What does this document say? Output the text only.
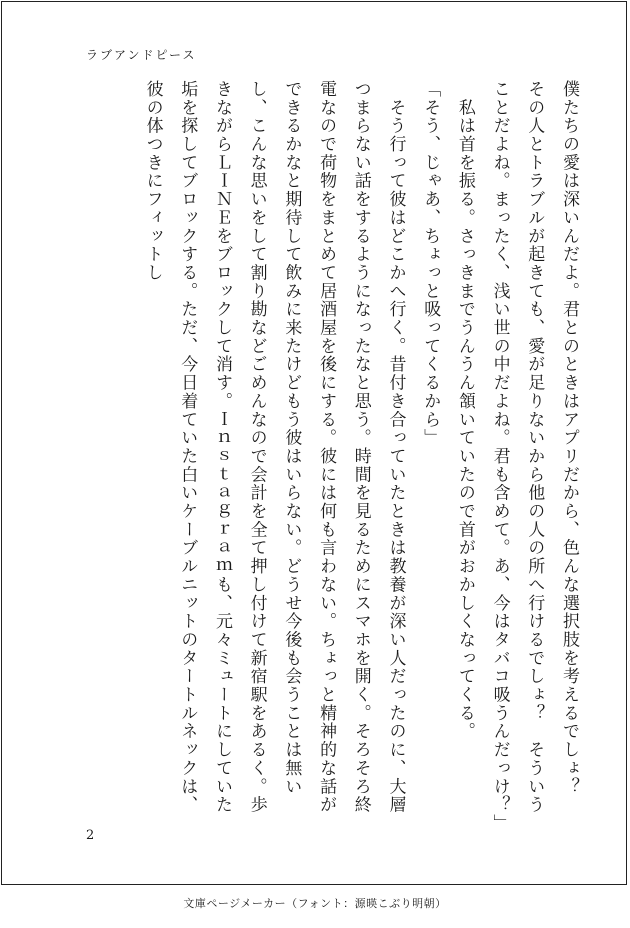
ラブアンドピース

僕たちの愛は深いんだよ。君とのときはアプリだから、色んな選択肢を考えるでしょ？　その人とトラブルが起きても、愛が足りないから他の人の所へ行けるでしょ？　そういうことだよね。まったく、浅い世の中だよね。君も含めて。あ、今はタバコ吸うんだっけ？」

　私は首を振る。さっきまでうんうん頷いていたので首がおかしくなってくる。

「そう、じゃあ、ちょっと吸ってくるから」

　そう行って彼はどこかへ行く。昔付き合っていたときは教養が深い人だったのに、大層つまらない話をするようになったなと思う。時間を見るためにスマホを開く。そろそろ終電なので荷物をまとめて居酒屋を後にする。彼には何も言わない。ちょっと精神的な話ができるかなと期待して飲みに来たけどもう彼はいらない。どうせ今後も会うことは無いし、こんな思いをして割り勘などごめんなので会計を全て押し付けて新宿駅をあるく。歩きながらＬＩＮＥをブロックして消す。Ｉｎｓｔａｇｒａｍも、元々ミュートにしていた垢を探してブロックする。ただ、今日着ていた白いケーブルニットのタートルネックは、彼の体つきにフィットし

2
文庫ページメーカー（フォント：源暎こぶり明朝）
